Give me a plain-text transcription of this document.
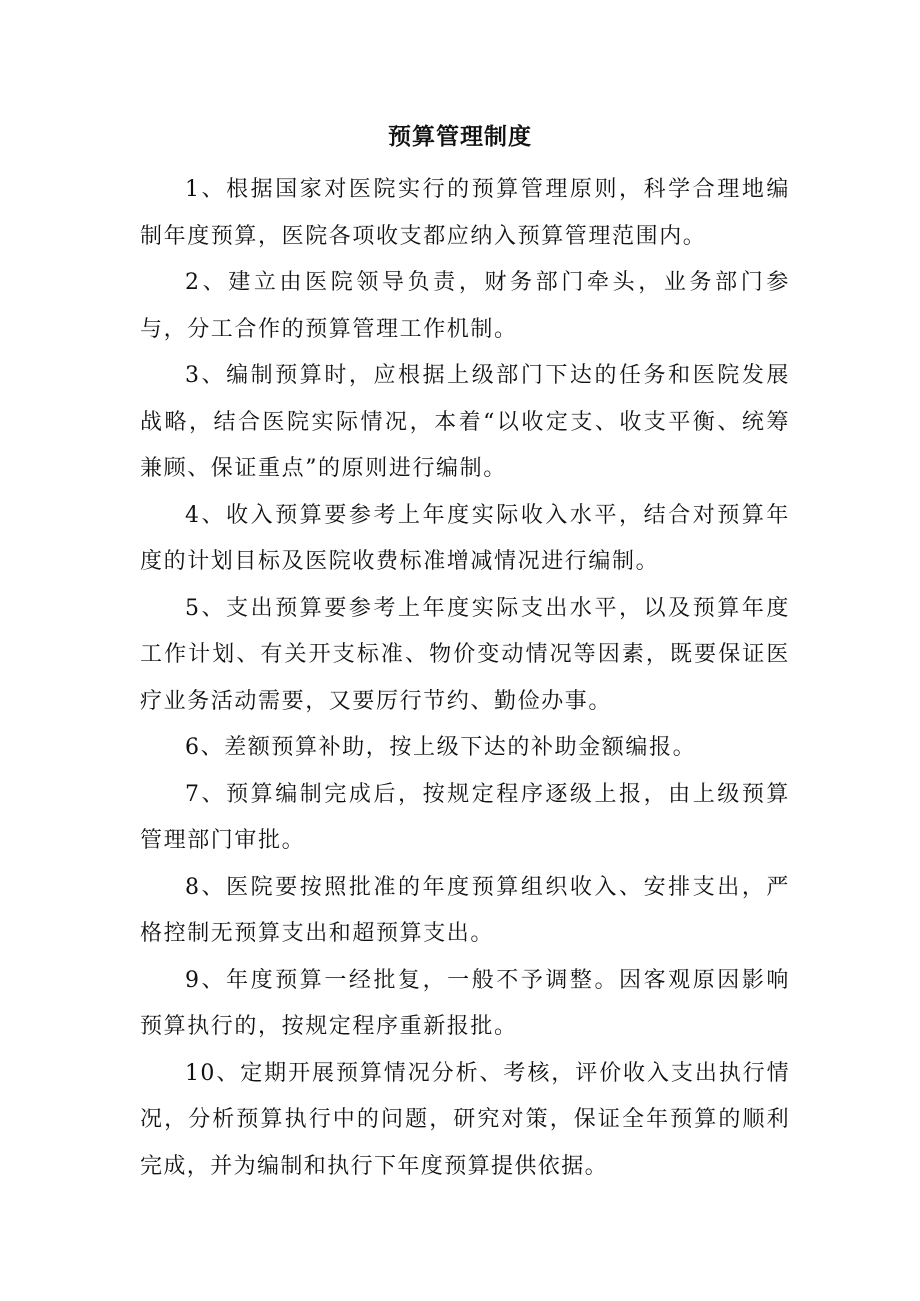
预算管理制度

1、根据国家对医院实行的预算管理原则，科学合理地编制年度预算，医院各项收支都应纳入预算管理范围内。

2、建立由医院领导负责，财务部门牵头，业务部门参与，分工合作的预算管理工作机制。

3、编制预算时，应根据上级部门下达的任务和医院发展战略，结合医院实际情况，本着“以收定支、收支平衡、统筹兼顾、保证重点”的原则进行编制。

4、收入预算要参考上年度实际收入水平，结合对预算年度的计划目标及医院收费标准增减情况进行编制。

5、支出预算要参考上年度实际支出水平，以及预算年度工作计划、有关开支标准、物价变动情况等因素，既要保证医疗业务活动需要，又要厉行节约、勤俭办事。

6、差额预算补助，按上级下达的补助金额编报。

7、预算编制完成后，按规定程序逐级上报，由上级预算管理部门审批。

8、医院要按照批准的年度预算组织收入、安排支出，严格控制无预算支出和超预算支出。

9、年度预算一经批复，一般不予调整。因客观原因影响预算执行的，按规定程序重新报批。

10、定期开展预算情况分析、考核，评价收入支出执行情况，分析预算执行中的问题，研究对策，保证全年预算的顺利完成，并为编制和执行下年度预算提供依据。
